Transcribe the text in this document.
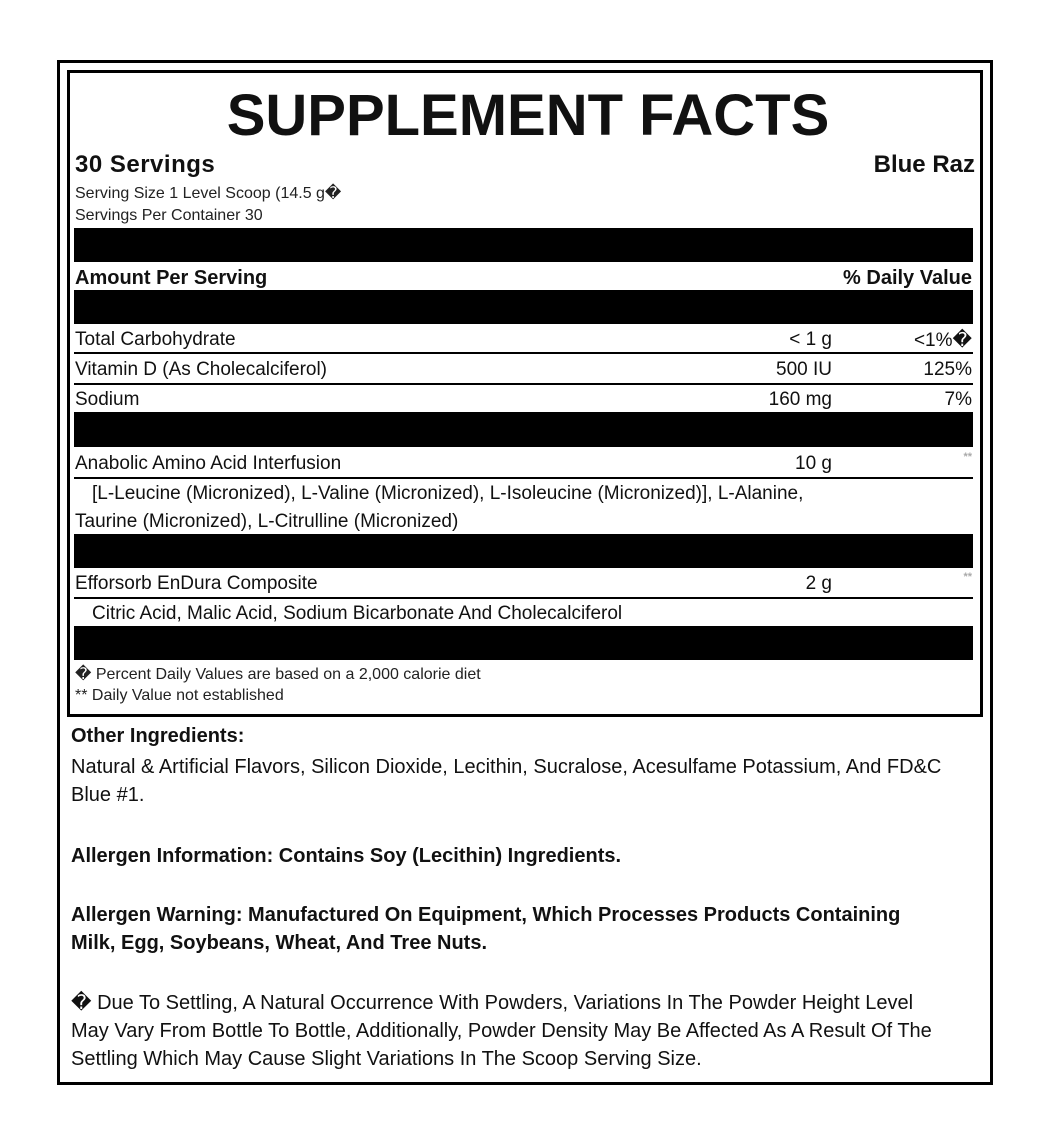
SUPPLEMENT FACTS
30 Servings	Blue Raz
Serving Size 1 Level Scoop (14.5 g�
Servings Per Container 30
Amount Per Serving	% Daily Value
Total Carbohydrate	< 1 g	<1%�
Vitamin D (As Cholecalciferol)	500 IU	125%
Sodium	160 mg	7%
Anabolic Amino Acid Interfusion	10 g	**
[L-Leucine (Micronized), L-Valine (Micronized), L-Isoleucine (Micronized)], L-Alanine,
Taurine (Micronized), L-Citrulline (Micronized)
Efforsorb EnDura Composite	2 g	**
Citric Acid, Malic Acid, Sodium Bicarbonate And Cholecalciferol
� Percent Daily Values are based on a 2,000 calorie diet
** Daily Value not established
Other Ingredients:
Natural & Artificial Flavors, Silicon Dioxide, Lecithin, Sucralose, Acesulfame Potassium, And FD&C Blue #1.
Allergen Information: Contains Soy (Lecithin) Ingredients.
Allergen Warning: Manufactured On Equipment, Which Processes Products Containing Milk, Egg, Soybeans, Wheat, And Tree Nuts.
� Due To Settling, A Natural Occurrence With Powders, Variations In The Powder Height Level May Vary From Bottle To Bottle, Additionally, Powder Density May Be Affected As A Result Of The Settling Which May Cause Slight Variations In The Scoop Serving Size.
